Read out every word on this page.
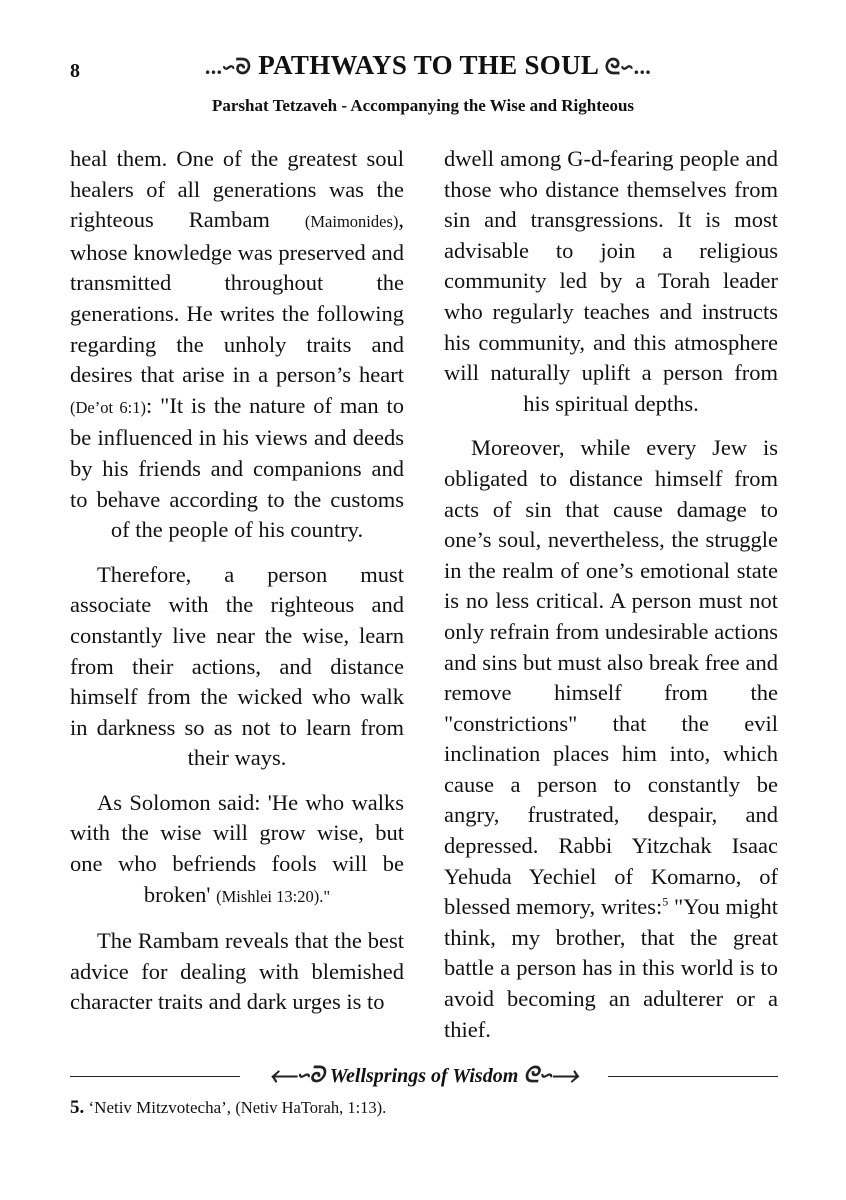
8	...∽ᘐ PATHWAYS TO THE SOUL ᘓ∽...
Parshat Tetzaveh - Accompanying the Wise and Righteous

heal them. One of the greatest soul healers of all generations was the righteous Rambam (Maimonides), whose knowledge was preserved and transmitted throughout the generations. He writes the following regarding the unholy traits and desires that arise in a person’s heart (De’ot 6:1): "It is the nature of man to be influenced in his views and deeds by his friends and companions and to behave according to the customs of the people of his country.

Therefore, a person must associate with the righteous and constantly live near the wise, learn from their actions, and distance himself from the wicked who walk in darkness so as not to learn from their ways.

As Solomon said: 'He who walks with the wise will grow wise, but one who befriends fools will be broken' (Mishlei 13:20)."

The Rambam reveals that the best advice for dealing with blemished character traits and dark urges is to

dwell among G-d-fearing people and those who distance themselves from sin and transgressions. It is most advisable to join a religious community led by a Torah leader who regularly teaches and instructs his community, and this atmosphere will naturally uplift a person from his spiritual depths.

Moreover, while every Jew is obligated to distance himself from acts of sin that cause damage to one’s soul, nevertheless, the struggle in the realm of one’s emotional state is no less critical. A person must not only refrain from undesirable actions and sins but must also break free and remove himself from the "constrictions" that the evil inclination places him into, which cause a person to constantly be angry, frustrated, despair, and depressed. Rabbi Yitzchak Isaac Yehuda Yechiel of Komarno, of blessed memory, writes:$^5$ "You might think, my brother, that the great battle a person has in this world is to avoid becoming an adulterer or a thief.

⟵∽ᘐ Wellsprings of Wisdom ᘓ∽⟶
5. ‘Netiv Mitzvotecha’, (Netiv HaTorah, 1:13).
